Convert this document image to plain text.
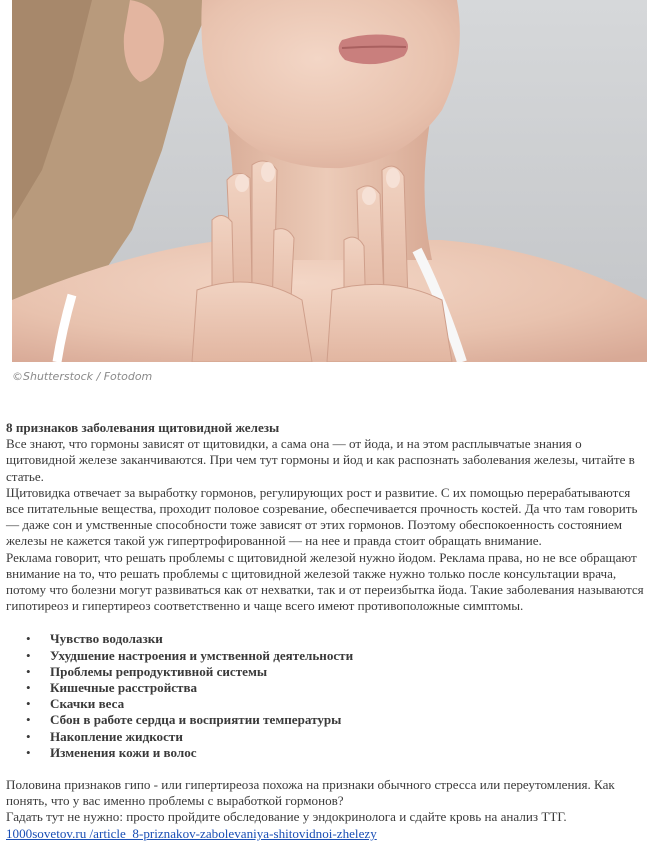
©Shutterstock / Fotodom

8 признаков заболевания щитовидной железы

Все знают, что гормоны зависят от щитовидки, а сама она — от йода, и на этом расплывчатые знания о щитовидной железе заканчиваются. При чем тут гормоны и йод и как распознать заболевания железы, читайте в статье.

Щитовидка отвечает за выработку гормонов, регулирующих рост и развитие. С их помощью перерабатываются все питательные вещества, проходит половое созревание, обеспечивается прочность костей. Да что там говорить — даже сон и умственные способности тоже зависят от этих гормонов. Поэтому обеспокоенность состоянием железы не кажется такой уж гипертрофированной — на нее и правда стоит обращать внимание.

Реклама говорит, что решать проблемы с щитовидной железой нужно йодом. Реклама права, но не все обращают внимание на то, что решать проблемы с щитовидной железой также нужно только после консультации врача, потому что болезни могут развиваться как от нехватки, так и от переизбытка йода. Такие заболевания называются гипотиреоз и гипертиреоз соответственно и чаще всего имеют противоположные симптомы.

• Чувство водолазки
• Ухудшение настроения и умственной деятельности
• Проблемы репродуктивной системы
• Кишечные расстройства
• Скачки веса
• Сбон в работе сердца и восприятии температуры
• Накопление жидкости
• Изменения кожи и волос

Половина признаков гипо - или гипертиреоза похожа на признаки обычного стресса или переутомления. Как понять, что у вас именно проблемы с выработкой гормонов?

Гадать тут не нужно: просто пройдите обследование у эндокринолога и сдайте кровь на анализ ТТГ.

1000sovetov.ru /article_8-priznakov-zabolevaniya-shitovidnoi-zhelezy
